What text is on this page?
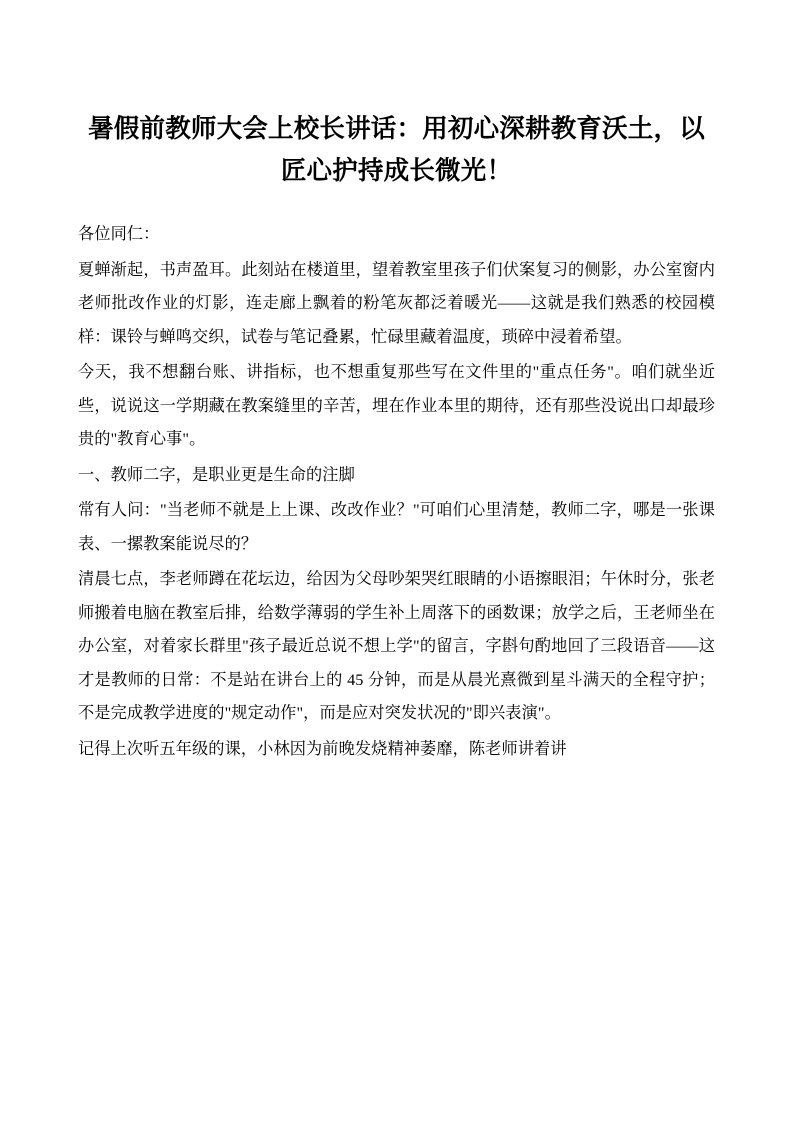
暑假前教师大会上校长讲话：用初心深耕教育沃土，以匠心护持成长微光！

各位同仁：

夏蝉渐起，书声盈耳。此刻站在楼道里，望着教室里孩子们伏案复习的侧影，办公室窗内老师批改作业的灯影，连走廊上飘着的粉笔灰都泛着暖光——这就是我们熟悉的校园模样：课铃与蝉鸣交织，试卷与笔记叠累，忙碌里藏着温度，琐碎中浸着希望。

今天，我不想翻台账、讲指标，也不想重复那些写在文件里的"重点任务"。咱们就坐近些，说说这一学期藏在教案缝里的辛苦，埋在作业本里的期待，还有那些没说出口却最珍贵的"教育心事"。

一、教师二字，是职业更是生命的注脚

常有人问："当老师不就是上上课、改改作业？"可咱们心里清楚，教师二字，哪是一张课表、一摞教案能说尽的？

清晨七点，李老师蹲在花坛边，给因为父母吵架哭红眼睛的小语擦眼泪；午休时分，张老师搬着电脑在教室后排，给数学薄弱的学生补上周落下的函数课；放学之后，王老师坐在办公室，对着家长群里"孩子最近总说不想上学"的留言，字斟句酌地回了三段语音——这才是教师的日常：不是站在讲台上的 45 分钟，而是从晨光熹微到星斗满天的全程守护；不是完成教学进度的"规定动作"，而是应对突发状况的"即兴表演"。

记得上次听五年级的课，小林因为前晚发烧精神萎靡，陈老师讲着讲
